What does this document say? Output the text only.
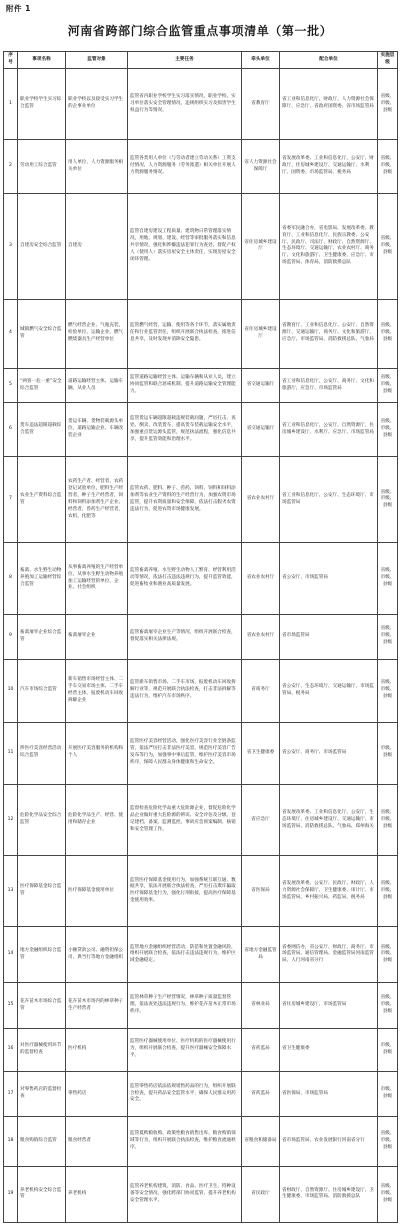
附件 1
河南省跨部门综合监管重点事项清单（第一批）
序号	事项名称	监管对象	主要任务	牵头单位	配合单位	实施层级
1	职业学校学生实习综合监管	职业学校以及接受实习学生的企事业单位	监管省内职业学校学生实习落实情况，职业学校、实习单位落实安全管理情况，违规组织实习及损害学生权益行为等情况。	省教育厅	省工业和信息化厅、财政厅、人力资源社会保障厅、应急厅，省政府国资委、省市场监管局	省级、市级、县级
2	劳动用工综合监管	用人单位、人力资源服务相关单位	监管各类用人单位（与劳动者建立劳动关系）工资支付情况，人力资源服务（劳务派遣）相关单位开展人力资源服务情况。	省人力资源社会保障厅	省发展改革委、工业和信息化厅、公安厅、财政厅、住房城乡建设厅、交通运输厅、水利厅、国资委、市场监管局、税务局	省级、市级、县级
3	自建房安全综合监管	自建房	监管自建房建设工程质量、建筑物日常管理落实情况，用地、规划、建设、经营等审批服务落实和信息共享情况，强化和涉嫌违法犯罪行为查处，督促产权人（使用人）落实房屋安全主体责任，实现房屋安全闭环管理。	省住房城乡建设厅	省委军民融合办，省电影局，发展改革委、教育厅、工业和信息化厅、民族宗教委、公安厅、民政厅、司法厅、财政厅、自然资源厅、生态环境厅、交通运输厅、农业农村厅、商务厅、文化和旅游厅、卫生健康委、应急厅、市场监管局、体育局、消防救援总队	省级、市级、县级
4	城镇燃气安全综合监管	燃气经营企业、气瓶充装、检验单位、运输企业、燃气燃烧器具生产经营单位	监管燃气经营、运输、使用等各个环节，落实属地责任和行业监管责任，组织开展联合执法检查，推进信息共享，及时发现并消除安全隐患。	省住房城乡建设厅	省教育厅、工业和信息化厅、公安厅、自然资源厅、交通运输厅、商务厅、文化和旅游厅、应急厅、市场监管局、消防救援总队、气象局	省级、市级、县级
5	“两客一危一重”安全综合监管	道路运输经营主体、运输车辆、从业人员	监管道路运输经营主体、运输车辆和从业人员，建立协同监管和联合惩戒机制，提升道路运输安全管理能力。	省交通运输厅	省工业和信息化厅、公安厅、商务厅、文化和旅游厅、应急厅、市场监管局	省级、市级、县级
6	货车违法超限超载综合监管	货运车辆、货物装载源头单位、道路运输企业、车辆改装企业	监管货运车辆超限超载违规装载问题，严厉打击、查处、倒卖、改装货车，提高货车装载运输安全水平，加强重点货运源头监管，规范执法流程，强化信息共享，提升监管效能和治理水平。	省交通运输厅	省工业和信息化厅、公安厅、自然资源厅、住房城乡建设厅、水利厅、应急厅、市场监管局	省级、市级、县级
7	农业生产资料综合监管	农药生产者、经营者，农药登记试验单位，肥料生产经营者，种子生产经营者，饲料和饲料添加剂生产企业、经营者，兽药生产经营者，农机、化肥等	监管农药、肥料、种子、兽药、饲料、饲料和饲料添加剂等农业生产资料的生产经营行为，加强农资市场监管，提升农资质量和安全保障，依法打击假劣农资违法行为，促进农资市场健康发展。	省农业农村厅	省工业和信息化厅、公安厅、生态环境厅、市场监管局	省级、市级、县级
8	畜禽、水生野生动物养殖加工运输经营综合监管	从事畜禽养殖的生产经营单位，从事水生野生动物养殖加工运输经营的单位、企业、社会组织	监管畜禽养殖、水生野生动物人工繁育、经营利用活动等情况，依法打击违法违规行为，提升监管效能，促进畜牧业和渔业高质量发展。	省农业农村厅	省公安厅、市场监管局	省级、市级、县级
9	畜禽屠宰企业综合监管	畜禽屠宰企业	监管畜禽屠宰企业生产等情况，组织开展联合检查，督促落实相关法律法规。	省农业农村厅	省市场监管局	省级、市级、县级
10	汽车市场综合监管	新车销售市场经营主体、二手车交易市场主体、二手车经营主体、报废机动车回收拆解企业	监管新车销售市场、二手车市场、报废机动车回收拆解行业等，规范开展联合执法检查，打击非法拆解等违法行为，维护汽车市场秩序。	省商务厅	省公安厅、生态环境厅、交通运输厅、市场监管局、税务局	省级、市级、县级
11	涉医疗美容经营活动综合监管	开展医疗美容服务的机构和个人	监管医疗美容经营活动，强化医疗美容行业全链条监管，依法严厉打击非法医疗美容，规范医疗美容广告发布等行为，加强事中事后监管，维护医疗美容市场秩序，保障人民群众身体健康和生命安全。	省卫生健康委	省公安厅、商务厅、市场监管局	市级、县级
12	危险化学品安全综合监管	危险化学品生产、经营、使用和储存企业	监督检查危险化学品重大危险源企业，督促危险化学品企业做好重大危险源的辨识、安全评估及分级、登记建档、备案、监测监控、事故应急预案编制、核销和安全管理工作。	省应急厅	省发展改革委、工业和信息化厅、公安厅、生态环境厅、住房城乡建设厅、交通运输厅、市场监管局、消防救援总队、气象局、郑州海关	省级、市级、县级
13	医疗保障基金综合监管	医疗保障基金使用单位	监管医疗保障基金使用行为，加强系统互联互通、数据共享，依法开展联合执法检查，严厉打击欺诈骗取医疗保障基金行为，强化行刑衔接，提高医疗保障基金使用效率。	省医保局	省发展改革委、公安厅、民政厅、财政厅、人力资源社会保障厅、卫生健康委、审计厅、市场监管局、乡村振兴局、药监局、税务局	省级、市级、县级
14	地方金融组织综合监管	小额贷款公司、融资担保公司、典当行等地方金融组织	监管地方金融组织经营活动，防范和处置金融风险，组织开展联合检查，依法打击违法违规行为，维护区域金融稳定。	省地方金融监管局	省委网信办，省公安厅、财政厅、商务厅、市场监管局、通信管理局、金融监管局河南监管局、人行河南省分行	省级、市级、县级
15	花卉苗木市场综合监管	花卉苗木市场内的林草种子生产经营者	监管林草种子生产经营情况，林草种子质量监督管理，依法查处违法违规行为，维护花卉苗木正常市场秩序。	省林业局	省住房城乡建设厅、市场监管局	省级、市级、县级
16	对医疗器械使用环节的监督检查	医疗机构	监管医疗器械使用单位、医疗机构的医疗器械使用行为，组织开展联合检查，提升医疗器械安全保障水平。	省药监局	省卫生健康委	市级、县级
17	对零售药店的监督检查	零售药店	监管零售药店依法依规销售药品的行为，组织开展联合检查，提升药品安全监管水平，确保人民群众用药安全。	省药监局	省医保局、市场监管局	市级、县级
18	粮食购销综合监管	粮食经营者	监管夏秋粮收购、政策性粮食销售出库、粮食购销领域等行为，组织开展联合执法检查，维护粮食流通秩序。	省粮食和储备局	省市场监管局、农业发展银行河南省分行	省级、市级、县级
19	养老机构安全综合监管	养老机构	监管养老机构建筑、消防、食品、医疗卫生、特种设备等安全情况，强化跨部门协同监管，提升养老机构安全管理水平。	省民政厅	省财政厅、自然资源厅、住房城乡建设厅、卫生健康委、市场监管局、消防救援总队	省级、市级、县级
